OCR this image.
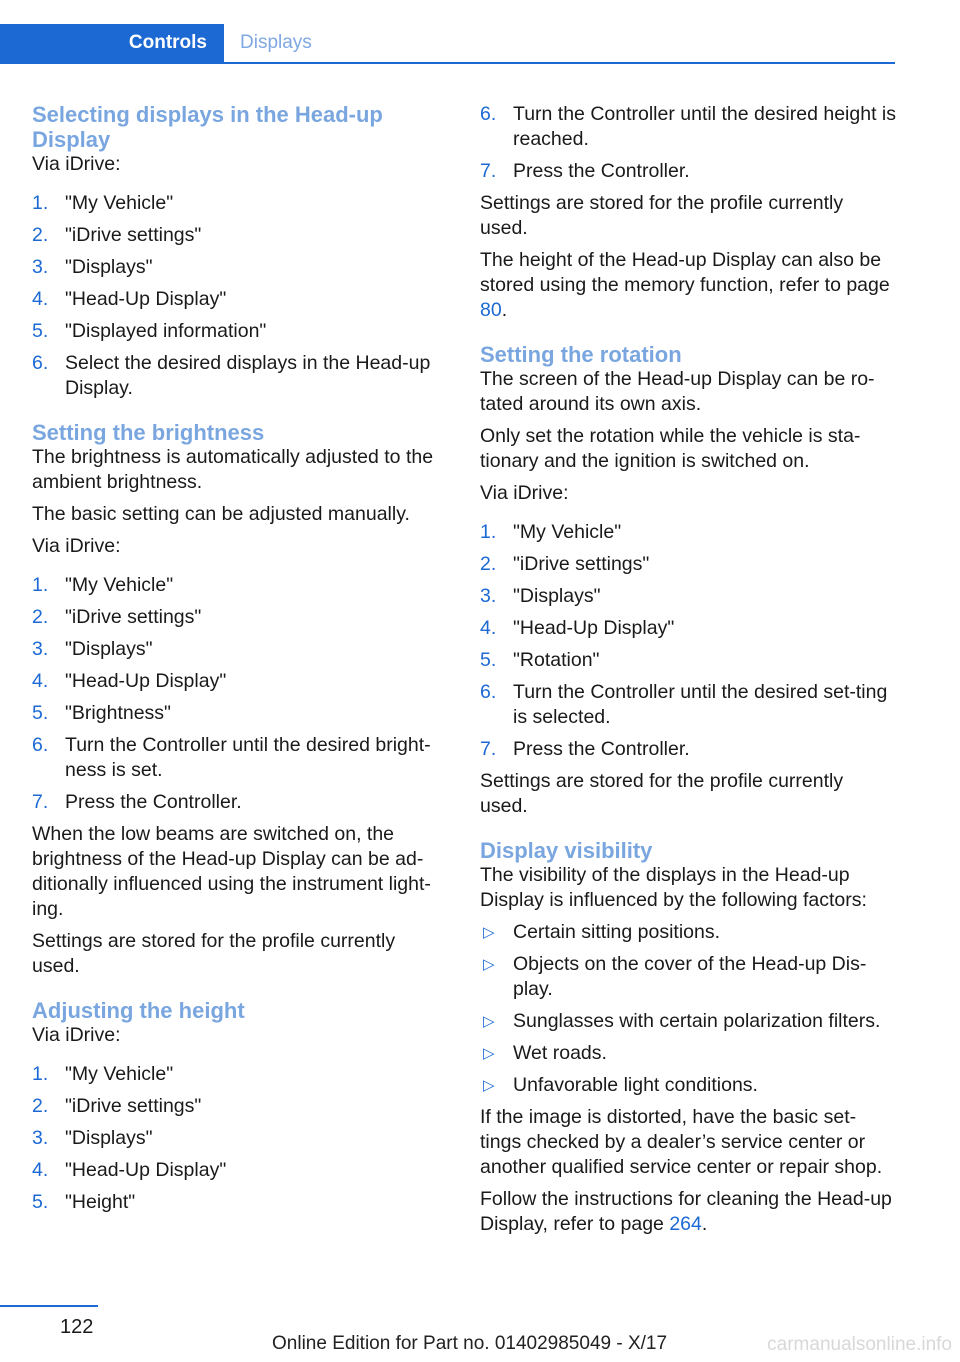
Controls	Displays
Selecting displays in the Head-up Display

Via iDrive:

1. "My Vehicle"
2. "iDrive settings"
3. "Displays"
4. "Head-Up Display"
5. "Displayed information"
6. Select the desired displays in the Head-up Display.
Setting the brightness

The brightness is automatically adjusted to the ambient brightness.

The basic setting can be adjusted manually.

Via iDrive:

1. "My Vehicle"
2. "iDrive settings"
3. "Displays"
4. "Head-Up Display"
5. "Brightness"
6. Turn the Controller until the desired bright‐ness is set.
7. Press the Controller.

When the low beams are switched on, the brightness of the Head-up Display can be ad‐ditionally influenced using the instrument light‐ing.

Settings are stored for the profile currently used.

Adjusting the height

Via iDrive:

1. "My Vehicle"
2. "iDrive settings"
3. "Displays"
4. "Head-Up Display"
5. "Height"
6. Turn the Controller until the desired height is reached.
7. Press the Controller.

Settings are stored for the profile currently used.

The height of the Head-up Display can also be stored using the memory function, refer to page 80.

Setting the rotation

The screen of the Head-up Display can be ro‐tated around its own axis.

Only set the rotation while the vehicle is sta‐tionary and the ignition is switched on.

Via iDrive:

1. "My Vehicle"
2. "iDrive settings"
3. "Displays"
4. "Head-Up Display"
5. "Rotation"
6. Turn the Controller until the desired set‐ting is selected.
7. Press the Controller.

Settings are stored for the profile currently used.

Display visibility

The visibility of the displays in the Head-up Display is influenced by the following factors:

▷ Certain sitting positions.
▷ Objects on the cover of the Head-up Dis‐play.
▷ Sunglasses with certain polarization filters.
▷ Wet roads.
▷ Unfavorable light conditions.

If the image is distorted, have the basic set‐tings checked by a dealer’s service center or another qualified service center or repair shop.

Follow the instructions for cleaning the Head-up Display, refer to page 264.

122
Online Edition for Part no. 01402985049 - X/17	carmanualsonline.info
